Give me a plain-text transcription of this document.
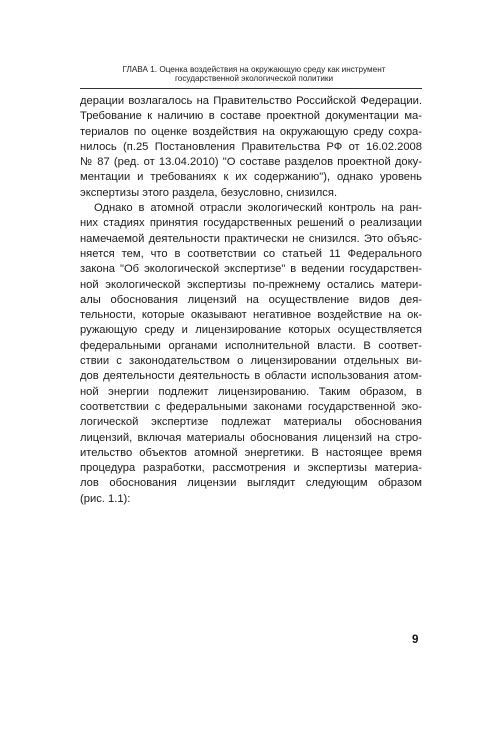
ГЛАВА 1. Оценка воздействия на окружающую среду как инструмент
государственной экологической политики
дерации возлагалось на Правительство Российской Федерации.
Требование к наличию в составе проектной документации ма-
териалов по оценке воздействия на окружающую среду сохра-
нилось (п.25 Постановления Правительства РФ от 16.02.2008
№ 87 (ред. от 13.04.2010) "О составе разделов проектной доку-
ментации и требованиях к их содержанию"), однако уровень
экспертизы этого раздела, безусловно, снизился.
Однако в атомной отрасли экологический контроль на ран-
них стадиях принятия государственных решений о реализации
намечаемой деятельности практически не снизился. Это объяс-
няется тем, что в соответствии со статьей 11 Федерального
закона "Об экологической экспертизе" в ведении государствен-
ной экологической экспертизы по-прежнему остались матери-
алы обоснования лицензий на осуществление видов дея-
тельности, которые оказывают негативное воздействие на ок-
ружающую среду и лицензирование которых осуществляется
федеральными органами исполнительной власти. В соответ-
ствии с законодательством о лицензировании отдельных ви-
дов деятельности деятельность в области использования атом-
ной энергии подлежит лицензированию. Таким образом, в
соответствии с федеральными законами государственной эко-
логической экспертизе подлежат материалы обоснования
лицензий, включая материалы обоснования лицензий на стро-
ительство объектов атомной энергетики. В настоящее время
процедура разработки, рассмотрения и экспертизы материа-
лов обоснования лицензии выглядит следующим образом
(рис. 1.1):
9
